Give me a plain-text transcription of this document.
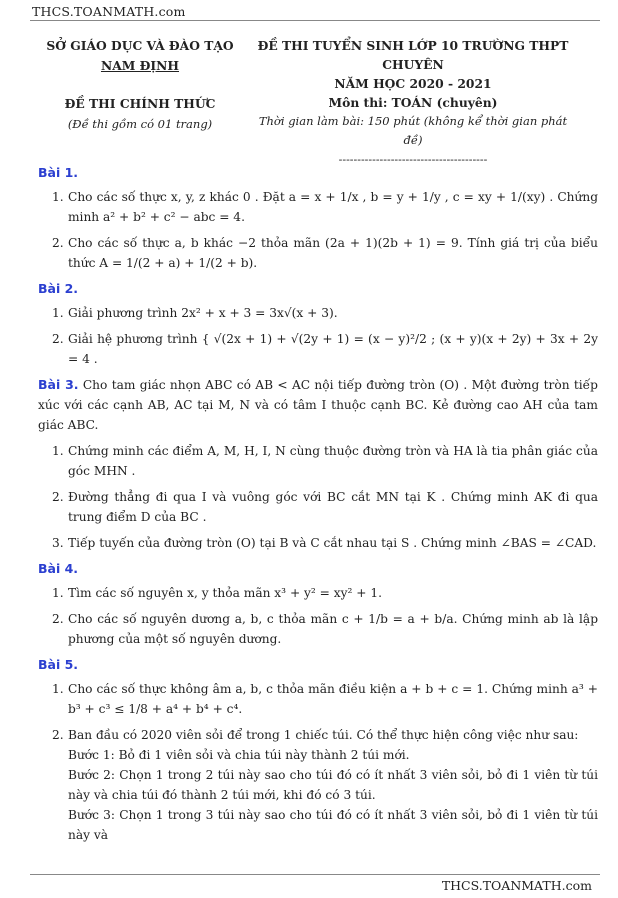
THCS.TOANMATH.com
SỞ GIÁO DỤC VÀ ĐÀO TẠO
NAM ĐỊNH
ĐỀ THI CHÍNH THỨC
(Đề thi gồm có 01 trang)
ĐỀ THI TUYỂN SINH LỚP 10 TRƯỜNG THPT CHUYÊN
NĂM HỌC 2020 - 2021
Môn thi: TOÁN (chuyên)
Thời gian làm bài: 150 phút (không kể thời gian phát đề)
----------------------------------------
Bài 1.
1. Cho các số thực x, y, z khác 0 . Đặt a = x + 1/x , b = y + 1/y , c = xy + 1/(xy) . Chứng minh a² + b² + c² − abc = 4.
2. Cho các số thực a, b khác −2 thỏa mãn (2a + 1)(2b + 1) = 9. Tính giá trị của biểu thức A = 1/(2 + a) + 1/(2 + b).
Bài 2.
1. Giải phương trình 2x² + x + 3 = 3x√(x + 3).
2. Giải hệ phương trình { √(2x + 1) + √(2y + 1) = (x − y)²/2 ; (x + y)(x + 2y) + 3x + 2y = 4 .
Bài 3. Cho tam giác nhọn ABC có AB < AC nội tiếp đường tròn (O) . Một đường tròn tiếp xúc với các cạnh AB, AC tại M, N và có tâm I thuộc cạnh BC. Kẻ đường cao AH của tam giác ABC.
1. Chứng minh các điểm A, M, H, I, N cùng thuộc đường tròn và HA là tia phân giác của góc MHN .
2. Đường thẳng đi qua I và vuông góc với BC cắt MN tại K . Chứng minh AK đi qua trung điểm D của BC .
3. Tiếp tuyến của đường tròn (O) tại B và C cắt nhau tại S . Chứng minh ∠BAS = ∠CAD.
Bài 4.
1. Tìm các số nguyên x, y thỏa mãn x³ + y² = xy² + 1.
2. Cho các số nguyên dương a, b, c thỏa mãn c + 1/b = a + b/a. Chứng minh ab là lập phương của một số nguyên dương.
Bài 5.
1. Cho các số thực không âm a, b, c thỏa mãn điều kiện a + b + c = 1. Chứng minh a³ + b³ + c³ ≤ 1/8 + a⁴ + b⁴ + c⁴.
2. Ban đầu có 2020 viên sỏi để trong 1 chiếc túi. Có thể thực hiện công việc như sau:
Bước 1: Bỏ đi 1 viên sỏi và chia túi này thành 2 túi mới.
Bước 2: Chọn 1 trong 2 túi này sao cho túi đó có ít nhất 3 viên sỏi, bỏ đi 1 viên từ túi này và chia túi đó thành 2 túi mới, khi đó có 3 túi.
Bước 3: Chọn 1 trong 3 túi này sao cho túi đó có ít nhất 3 viên sỏi, bỏ đi 1 viên từ túi này và
THCS.TOANMATH.com
